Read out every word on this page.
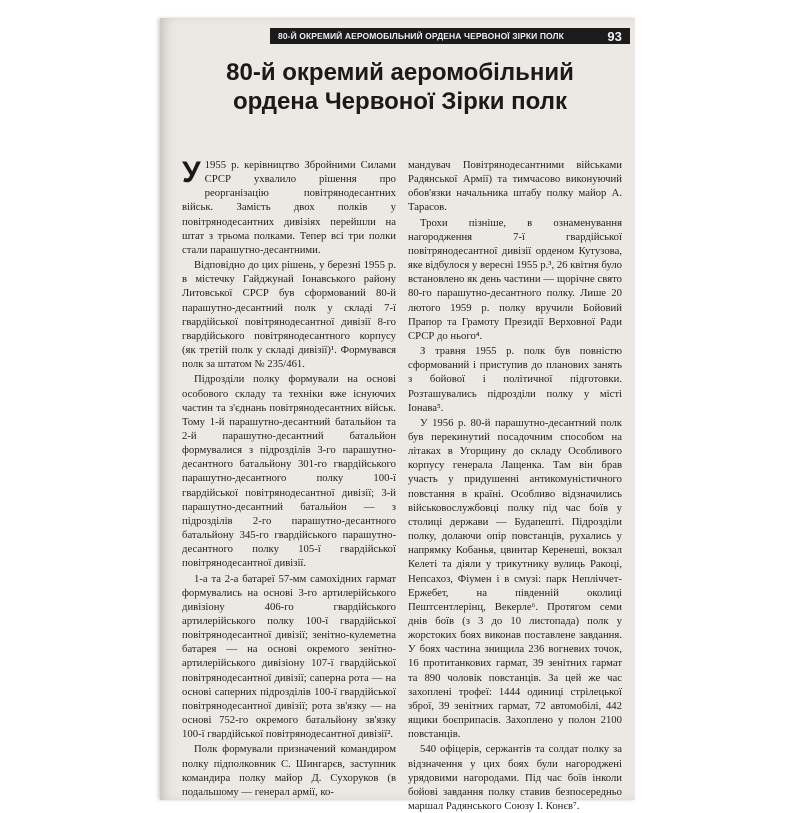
80-Й ОКРЕМИЙ АЕРОМОБІЛЬНИЙ ОРДЕНА ЧЕРВОНОЇ ЗІРКИ ПОЛК	93
80-й окремий аеромобільний
ордена Червоної Зірки полк

У 1955 р. керівництво Збройними Силами СРСР ухвалило рішення про реорганізацію повітрянодесантних військ. Замість двох полків у повітрянодесантних дивізіях перейшли на штат з трьома полками. Тепер всі три полки стали парашутно-десантними.

Відповідно до цих рішень, у березні 1955 р. в містечку Гайджунай Іонавського району Литовської СРСР був сформований 80-й парашутно-десантний полк у складі 7-ї гвардійської повітрянодесантної дивізії 8-го гвардійського повітрянодесантного корпусу (як третій полк у складі дивізії)¹. Формувався полк за штатом № 235/461.

Підрозділи полку формували на основі особового складу та техніки вже існуючих частин та з'єднань повітрянодесантних військ. Тому 1-й парашутно-десантний батальйон та 2-й парашутно-десантний батальйон формувалися з підрозділів 3-го парашутно-десантного батальйону 301-го гвардійського парашутно-десантного полку 100-ї гвардійської повітрянодесантної дивізії; 3-й парашутно-десантний батальйон — з підрозділів 2-го парашутно-десантного батальйону 345-го гвардійського парашутно-десантного полку 105-ї гвардійської повітрянодесантної дивізії.

1-а та 2-а батареї 57-мм самохідних гармат формувались на основі 3-го артилерійського дивізіону 406-го гвардійського артилерійського полку 100-ї гвардійської повітрянодесантної дивізії; зенітно-кулеметна батарея — на основі окремого зенітно-артилерійського дивізіону 107-ї гвардійської повітрянодесантної дивізії; саперна рота — на основі саперних підрозділів 100-ї гвардійської повітрянодесантної дивізії; рота зв'язку — на основі 752-го окремого батальйону зв'язку 100-ї гвардійської повітрянодесантної дивізії².

Полк формували призначений командиром полку підполковник С. Шингарєв, заступник командира полку майор Д. Сухоруков (в подальшому — генерал армії, ко-

мандувач Повітрянодесантними військами Радянської Армії) та тимчасово виконуючий обов'язки начальника штабу полку майор А. Тарасов.

Трохи пізніше, в ознаменування нагородження 7-ї гвардійської повітрянодесантної дивізії орденом Кутузова, яке відбулося у вересні 1955 р.³, 26 квітня було встановлено як день частини — щорічне свято 80-го парашутно-десантного полку. Лише 20 лютого 1959 р. полку вручили Бойовий Прапор та Грамоту Президії Верховної Ради СРСР до нього⁴.

З травня 1955 р. полк був повністю сформований і приступив до планових занять з бойової і політичної підготовки. Розташувались підрозділи полку у місті Іонава⁵.

У 1956 р. 80-й парашутно-десантний полк був перекинутий посадочним способом на літаках в Угорщину до складу Особливого корпусу генерала Лащенка. Там він брав участь у придушенні антикомуністичного повстання в країні. Особливо відзначились військовослужбовці полку під час боїв у столиці держави — Будапешті. Підрозділи полку, долаючи опір повстанців, рухались у напрямку Кобанья, цвинтар Керенеші, вокзал Келеті та діяли у трикутнику вулиць Ракоці, Непсахоз, Фіумен і в смузі: парк Непліччет-Ержебет, на південній околиці Пештсентлерінц, Векерле⁶. Протягом семи днів боїв (з 3 до 10 листопада) полк у жорстоких боях виконав поставлене завдання. У боях частина знищила 236 вогневих точок, 16 протитанкових гармат, 39 зенітних гармат та 890 чоловік повстанців. За цей же час захоплені трофеї: 1444 одиниці стрілецької зброї, 39 зенітних гармат, 72 автомобілі, 442 ящики боєприпасів. Захоплено у полон 2100 повстанців.

540 офіцерів, сержантів та солдат полку за відзначення у цих боях були нагороджені урядовими нагородами. Під час боїв інколи бойові завдання полку ставив безпосередньо маршал Радянського Союзу І. Конєв⁷.
